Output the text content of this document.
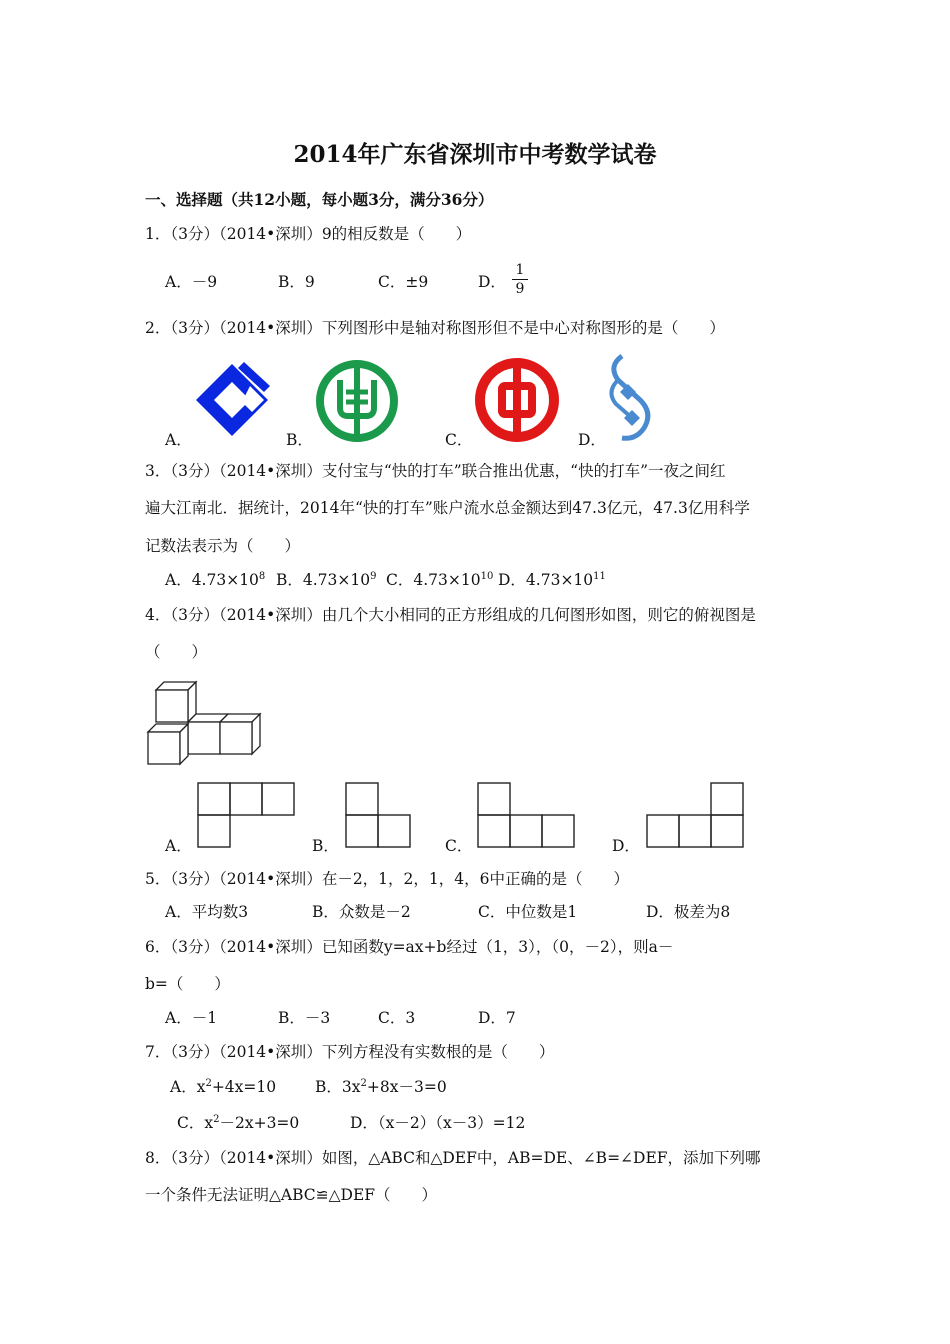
2014年广东省深圳市中考数学试卷
一、选择题（共12小题，每小题3分，满分36分）
1．（3分）（2014•深圳）9的相反数是（　　）
A．－9	B．9	C．±9	D．
1
9
2．（3分）（2014•深圳）下列图形中是轴对称图形但不是中心对称图形的是（　　）
A．	B．	C．	D．
3．（3分）（2014•深圳）支付宝与“快的打车”联合推出优惠，“快的打车”一夜之间红
遍大江南北．据统计，2014年“快的打车”账户流水总金额达到47.3亿元，47.3亿用科学
记数法表示为（　　）
A．$4.73\times 10^8$ B．$4.73\times 10^9$ C．$4.73\times 10^{10}$ D．$4.73\times 10^{11}$
4．（3分）（2014•深圳）由几个大小相同的正方形组成的几何图形如图，则它的俯视图是
（　　）
A．	B．	C．	D．
5．（3分）（2014•深圳）在－2，1，2，1，4，6中正确的是（　　）
A．平均数3	B．众数是－2	C．中位数是1	D．极差为8
6．（3分）（2014•深圳）已知函数y=ax+b经过（1，3），（0，－2），则a－
b=（　　）
A．－1	B．－3	C．3	D．7
7．（3分）（2014•深圳）下列方程没有实数根的是（　　）
A．$x^2+4x=10$	B．$3x^2+8x-3=0$
C．$x^2-2x+3=0$	D．（x－2）（x－3）=12
8．（3分）（2014•深圳）如图，△ABC和△DEF中，AB=DE、∠B=∠DEF，添加下列哪
一个条件无法证明△ABC≌△DEF（　　）
